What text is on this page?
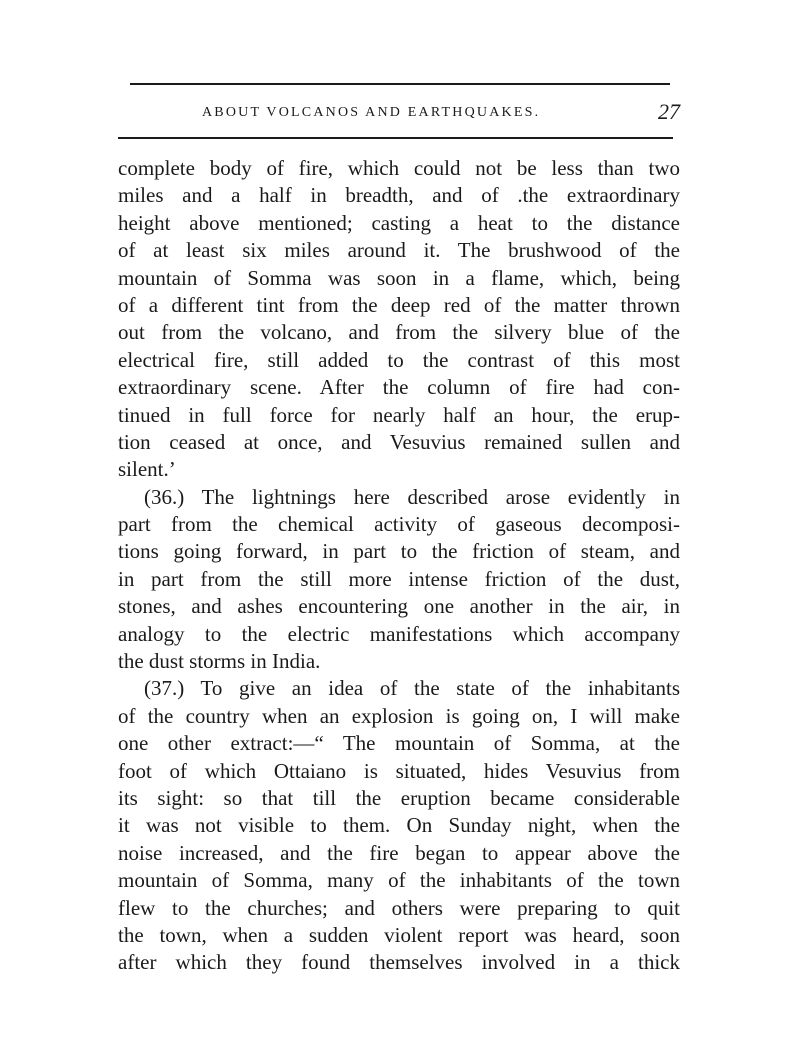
ABOUT VOLCANOS AND EARTHQUAKES.	27
complete body of fire, which could not be less than two
miles and a half in breadth, and of .the extraordinary
height above mentioned; casting a heat to the distance
of at least six miles around it. The brushwood of the
mountain of Somma was soon in a flame, which, being
of a different tint from the deep red of the matter thrown
out from the volcano, and from the silvery blue of the
electrical fire, still added to the contrast of this most
extraordinary scene. After the column of fire had con-
tinued in full force for nearly half an hour, the erup-
tion ceased at once, and Vesuvius remained sullen and
silent.’
(36.) The lightnings here described arose evidently in
part from the chemical activity of gaseous decomposi-
tions going forward, in part to the friction of steam, and
in part from the still more intense friction of the dust,
stones, and ashes encountering one another in the air, in
analogy to the electric manifestations which accompany
the dust storms in India.
(37.) To give an idea of the state of the inhabitants
of the country when an explosion is going on, I will make
one other extract:—“ The mountain of Somma, at the
foot of which Ottaiano is situated, hides Vesuvius from
its sight: so that till the eruption became considerable
it was not visible to them. On Sunday night, when the
noise increased, and the fire began to appear above the
mountain of Somma, many of the inhabitants of the town
flew to the churches; and others were preparing to quit
the town, when a sudden violent report was heard, soon
after which they found themselves involved in a thick
